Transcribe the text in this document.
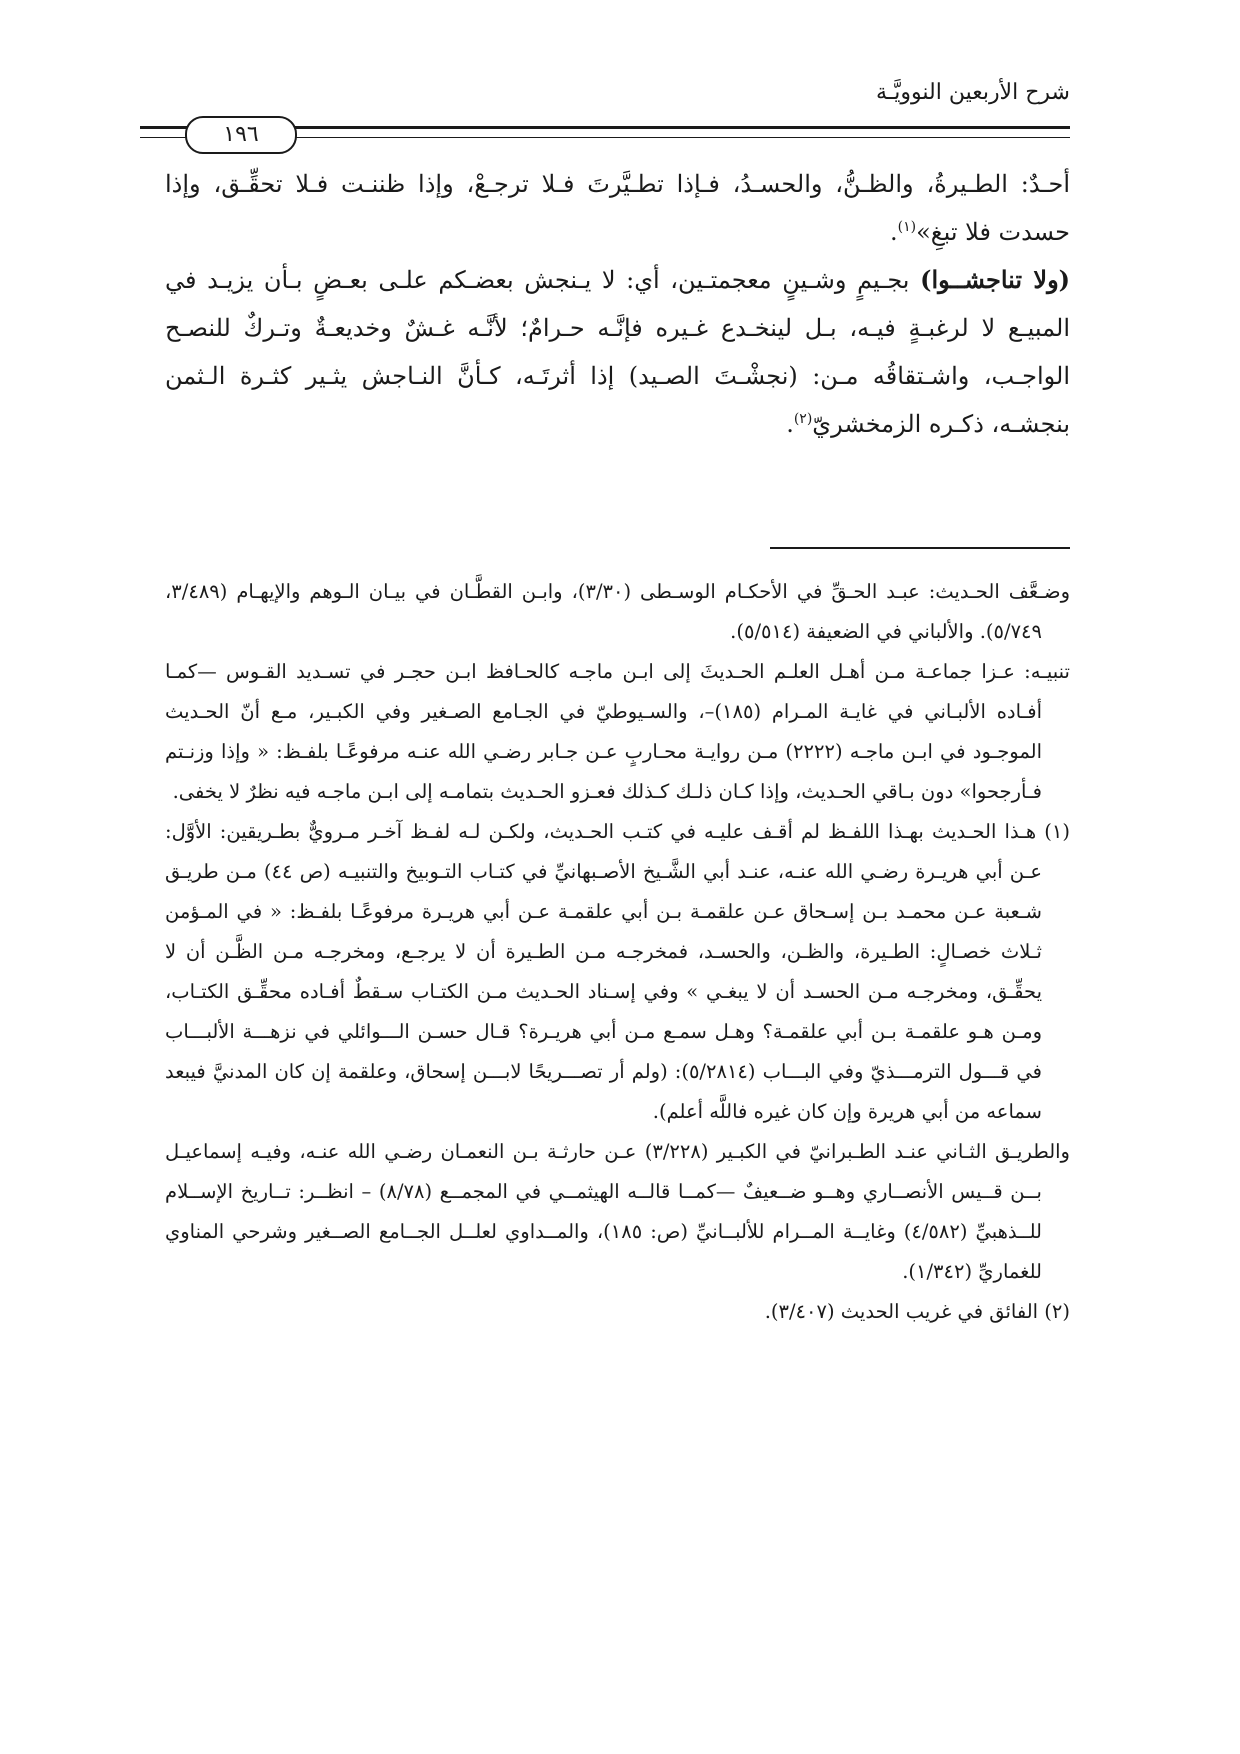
شرح الأربعين النوويَّـة
١٩٦

أحـدٌ: الطـيرةُ، والظـنُّ، والحسـدُ، فـإذا تطـيَّرتَ فـلا ترجـعْ، وإذا ظننـت فـلا تحقِّـق، وإذا حسدت فلا تبغِ»$^{(١)}$.

(ولا تناجشــوا) بجـيمٍ وشـينٍ معجمتـين، أي: لا يـنجش بعضـكم علـى بعـضٍ بـأن يزيـد في المبيـع لا لرغبـةٍ فيـه، بـل لينخـدع غـيره فإنَّـه حـرامٌ؛ لأنَّـه غـشٌ وخديعـةٌ وتـركٌ للنصـح الواجـب، واشـتقاقُه مـن: (نجشْـتَ الصـيد) إذا أثرتَـه، كـأنَّ النـاجش يثـير كثـرة الـثمن بنجشـه، ذكـره الزمخشريّ$^{(٢)}$.

وضـعَّف الحـديث: عبـد الحـقِّ في الأحكـام الوسـطى (٣/٣٠)، وابـن القطَّـان في بيـان الـوهم والإيهـام (٣/٤٨٩، ٥/٧٤٩). والألباني في الضعيفة (٥/٥١٤).

تنبيـه: عـزا جماعـة مـن أهـل العلـم الحـديثَ إلى ابـن ماجـه كالحـافظ ابـن حجـر في تسـديد القـوس —كمـا أفـاده الألبـاني في غايـة المـرام (١٨٥)–، والسـيوطيّ في الجـامع الصـغير وفي الكبـير، مـع أنّ الحـديث الموجـود في ابـن ماجـه (٢٢٢٢) مـن روايـة محـاربٍ عـن جـابر رضـي الله عنـه مرفوعًـا بلفـظ: « وإذا وزنـتم فـأرجحوا» دون بـاقي الحـديث، وإذا كـان ذلـك كـذلك فعـزو الحـديث بتمامـه إلى ابـن ماجـه فيه نظرٌ لا يخفى.

(١) هـذا الحـديث بهـذا اللفـظ لم أقـف عليـه في كتـب الحـديث، ولكـن لـه لفـظ آخـر مـرويٌّ بطـريقين: الأوَّل: عـن أبي هريـرة رضـي الله عنـه، عنـد أبي الشَّـيخ الأصـبهانيِّ في كتـاب التـوبيخ والتنبيـه (ص ٤٤) مـن طريـق شـعبة عـن محمـد بـن إسـحاق عـن علقمـة بـن أبي علقمـة عـن أبي هريـرة مرفوعًـا بلفـظ: « في المـؤمن ثـلاث خصـالٍ: الطـيرة، والظـن، والحسـد، فمخرجـه مـن الطـيرة أن لا يرجـع، ومخرجـه مـن الظَّـن أن لا يحقِّـق، ومخرجـه مـن الحسـد أن لا يبغـي » وفي إسـناد الحـديث مـن الكتـاب سـقطٌ أفـاده محقِّـق الكتـاب، ومـن هـو علقمـة بـن أبي علقمـة؟ وهـل سمـع مـن أبي هريـرة؟ قـال حسـن الـــوائلي في نزهـــة الألبـــاب في قـــول الترمـــذيّ وفي البـــاب (٥/٢٨١٤): (ولم أر تصـــريحًا لابـــن إسحاق، وعلقمة إن كان المدنيَّ فيبعد سماعه من أبي هريرة وإن كان غيره فاللَّه أعلم).

والطريـق الثـاني عنـد الطـبرانيّ في الكبـير (٣/٢٢٨) عـن حارثـة بـن النعمـان رضـي الله عنـه، وفيـه إسماعيـل بــن قــيس الأنصــاري وهــو ضــعيفٌ —كمــا قالــه الهيثمــي في المجمــع (٨/٧٨) – انظــر: تــاريخ الإســلام للــذهبيِّ (٤/٥٨٢) وغايــة المــرام للألبــانيِّ (ص: ١٨٥)، والمــداوي لعلــل الجــامع الصــغير وشرحي المناوي للغماريِّ (١/٣٤٢).

(٢) الفائق في غريب الحديث (٣/٤٠٧).
